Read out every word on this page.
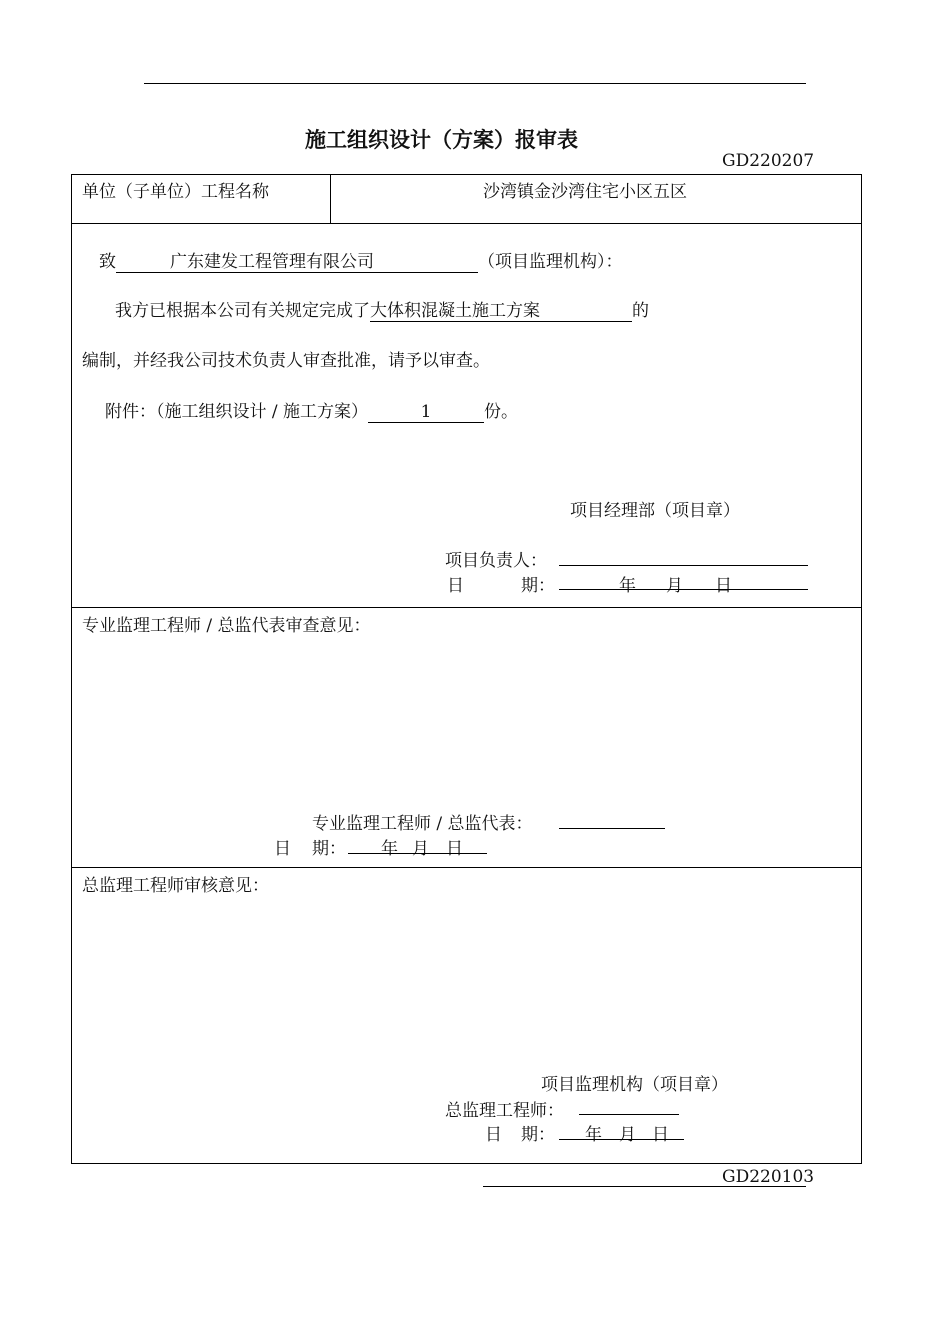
施工组织设计（方案）报审表
GD220207
单位（子单位）工程名称	沙湾镇金沙湾住宅小区五区
致	广东建发工程管理有限公司	（项目监理机构）：
我方已根据本公司有关规定完成了大体积混凝土施工方案	的
编制，并经我公司技术负责人审查批准，请予以审查。
附件：（施工组织设计 / 施工方案）	1	份。
项目经理部（项目章）
项目负责人：
日	期：	年 月 日
专业监理工程师 / 总监代表审查意见：
专业监理工程师 / 总监代表：
日 期： 年 月 日
总监理工程师审核意见：
项目监理机构（项目章）
总监理工程师：
日 期： 年 月 日
GD220103
